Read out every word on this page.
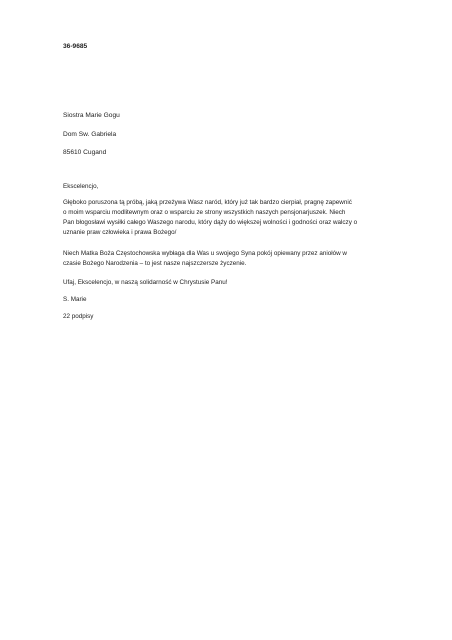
36-9685
Siostra Marie Gogu
Dom Sw. Gabriela
85610 Cugand

Ekscelencjo,

Głęboko poruszona tą próbą, jaką przeżywa Wasz naród, który już tak bardzo cierpiał, pragnę zapewnić
o moim wsparciu modlitewnym oraz o wsparciu ze strony wszystkich naszych pensjonarjuszek. Niech
Pan błogosławi wysiłki całego Waszego narodu, który dąży do większej wolności i godności oraz walczy o
uznanie praw człowieka i prawa Bożego/

Niech Matka Boża Częstochowska wybłaga dla Was u swojego Syna pokój opiewany przez aniołów w
czasie Bożego Narodzenia – to jest nasze najszczersze życzenie.

Ufaj, Ekscelencjo, w naszą solidarność w Chrystusie Panu!

S. Marie

22 podpisy
